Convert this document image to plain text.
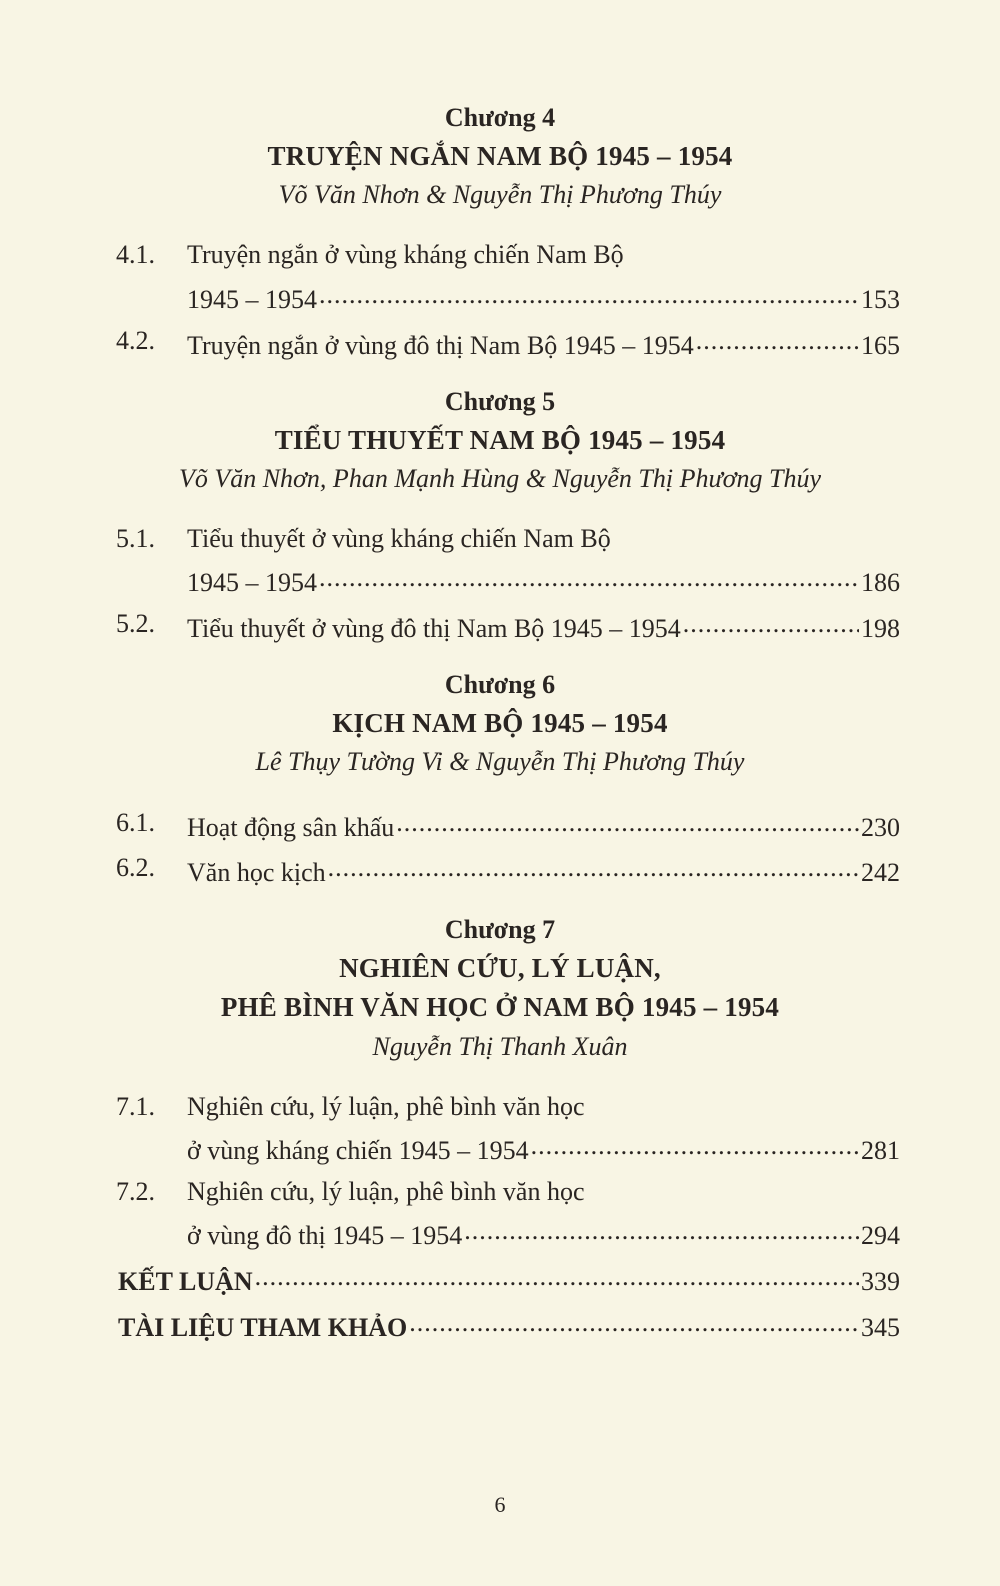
Chương 4
TRUYỆN NGẮN NAM BỘ 1945 – 1954
Võ Văn Nhơn & Nguyễn Thị Phương Thúy
4.1. Truyện ngắn ở vùng kháng chiến Nam Bộ
1945 – 1954 .....	153
4.2. Truyện ngắn ở vùng đô thị Nam Bộ 1945 – 1954 .....	165
Chương 5
TIỂU THUYẾT NAM BỘ 1945 – 1954
Võ Văn Nhơn, Phan Mạnh Hùng & Nguyễn Thị Phương Thúy
5.1. Tiểu thuyết ở vùng kháng chiến Nam Bộ
1945 – 1954 .....	186
5.2. Tiểu thuyết ở vùng đô thị Nam Bộ 1945 – 1954 .....	198
Chương 6
KỊCH NAM BỘ 1945 – 1954
Lê Thụy Tường Vi & Nguyễn Thị Phương Thúy
6.1. Hoạt động sân khấu .....	230
6.2. Văn học kịch .....	242
Chương 7
NGHIÊN CỨU, LÝ LUẬN,
PHÊ BÌNH VĂN HỌC Ở NAM BỘ 1945 – 1954
Nguyễn Thị Thanh Xuân
7.1. Nghiên cứu, lý luận, phê bình văn học
ở vùng kháng chiến 1945 – 1954 .....	281
7.2. Nghiên cứu, lý luận, phê bình văn học
ở vùng đô thị 1945 – 1954 .....	294
KẾT LUẬN .....	339
TÀI LIỆU THAM KHẢO .....	345
6
